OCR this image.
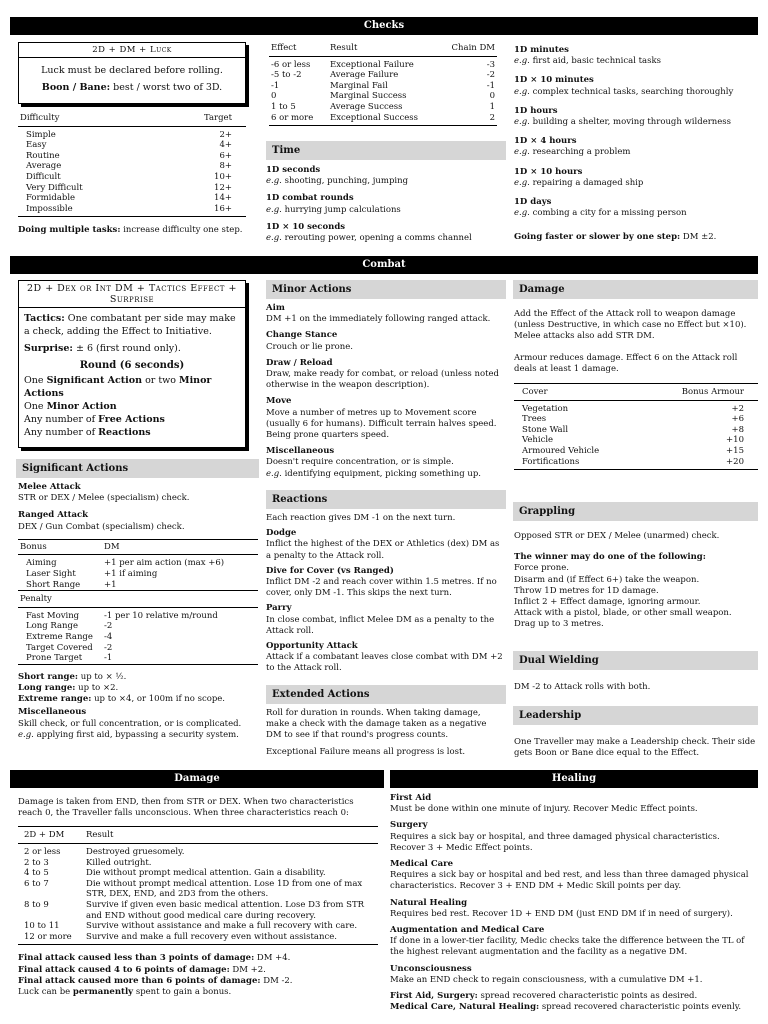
Checks
2D + DM + Luck
Luck must be declared before rolling.
Boon / Bane: best / worst two of 3D.
Difficulty	Target
Simple	2+
Easy	4+
Routine	6+
Average	8+
Difficult	10+
Very Difficult	12+
Formidable	14+
Impossible	16+
Doing multiple tasks: increase difficulty one step.
Effect	Result	Chain DM
-6 or less	Exceptional Failure	-3
-5 to -2	Average Failure	-2
-1	Marginal Fail	-1
0	Marginal Success	0
1 to 5	Average Success	1
6 or more	Exceptional Success	2
Time
1D seconds
e.g. shooting, punching, jumping
1D combat rounds
e.g. hurrying jump calculations
1D × 10 seconds
e.g. rerouting power, opening a comms channel
1D minutes
e.g. first aid, basic technical tasks
1D × 10 minutes
e.g. complex technical tasks, searching thoroughly
1D hours
e.g. building a shelter, moving through wilderness
1D × 4 hours
e.g. researching a problem
1D × 10 hours
e.g. repairing a damaged ship
1D days
e.g. combing a city for a missing person
Going faster or slower by one step: DM ±2.
Combat
2D + Dex or Int DM + Tactics Effect + Surprise
Tactics: One combatant per side may make a check, adding the Effect to Initiative.
Surprise: ± 6 (first round only).
Round (6 seconds)
One Significant Action or two Minor Actions
One Minor Action
Any number of Free Actions
Any number of Reactions
Significant Actions
Melee Attack
STR or DEX / Melee (specialism) check.
Ranged Attack
DEX / Gun Combat (specialism) check.
Bonus	DM
Aiming	+1 per aim action (max +6)
Laser Sight	+1 if aiming
Short Range	+1
Penalty	
Fast Moving	-1 per 10 relative m/round
Long Range	-2
Extreme Range	-4
Target Covered	-2
Prone Target	-1

Short range: up to × ½.
Long range: up to ×2.
Extreme range: up to ×4, or 100m if no scope.
Miscellaneous
Skill check, or full concentration, or is complicated.
e.g. applying first aid, bypassing a security system.
Minor Actions
Aim
DM +1 on the immediately following ranged attack.
Change Stance
Crouch or lie prone.
Draw / Reload
Draw, make ready for combat, or reload (unless noted otherwise in the weapon description).
Move
Move a number of metres up to Movement score (usually 6 for humans). Difficult terrain halves speed. Being prone quarters speed.
Miscellaneous
Doesn't require concentration, or is simple.
e.g. identifying equipment, picking something up.
Reactions
Each reaction gives DM -1 on the next turn.
Dodge
Inflict the highest of the DEX or Athletics (dex) DM as a penalty to the Attack roll.
Dive for Cover (vs Ranged)
Inflict DM -2 and reach cover within 1.5 metres. If no cover, only DM -1. This skips the next turn.
Parry
In close combat, inflict Melee DM as a penalty to the Attack roll.
Opportunity Attack
Attack if a combatant leaves close combat with DM +2 to the Attack roll.
Extended Actions
Roll for duration in rounds. When taking damage, make a check with the damage taken as a negative DM to see if that round's progress counts.
Exceptional Failure means all progress is lost.
Damage
Add the Effect of the Attack roll to weapon damage (unless Destructive, in which case no Effect but ×10). Melee attacks also add STR DM.
Armour reduces damage. Effect 6 on the Attack roll deals at least 1 damage.
Cover	Bonus Armour
Vegetation	+2
Trees	+6
Stone Wall	+8
Vehicle	+10
Armoured Vehicle	+15
Fortifications	+20
Grappling
Opposed STR or DEX / Melee (unarmed) check.
The winner may do one of the following:
Force prone.
Disarm and (if Effect 6+) take the weapon.
Throw 1D metres for 1D damage.
Inflict 2 + Effect damage, ignoring armour.
Attack with a pistol, blade, or other small weapon.
Drag up to 3 metres.
Dual Wielding
DM -2 to Attack rolls with both.
Leadership
One Traveller may make a Leadership check. Their side gets Boon or Bane dice equal to the Effect.
Damage
Damage is taken from END, then from STR or DEX. When two characteristics reach 0, the Traveller falls unconscious. When three characteristics reach 0:
2D + DM	Result
2 or less	Destroyed gruesomely.
2 to 3	Killed outright.
4 to 5	Die without prompt medical attention. Gain a disability.
6 to 7	Die without prompt medical attention. Lose 1D from one of max STR, DEX, END, and 2D3 from the others.
8 to 9	Survive if given even basic medical attention. Lose D3 from STR and END without good medical care during recovery.
10 to 11	Survive without assistance and make a full recovery with care.
12 or more	Survive and make a full recovery even without assistance.
Final attack caused less than 3 points of damage: DM +4.
Final attack caused 4 to 6 points of damage: DM +2.
Final attack caused more than 6 points of damage: DM -2.
Luck can be permanently spent to gain a bonus.
Healing
First Aid
Must be done within one minute of injury. Recover Medic Effect points.
Surgery
Requires a sick bay or hospital, and three damaged physical characteristics. Recover 3 + Medic Effect points.
Medical Care
Requires a sick bay or hospital and bed rest, and less than three damaged physical characteristics. Recover 3 + END DM + Medic Skill points per day.
Natural Healing
Requires bed rest. Recover 1D + END DM (just END DM if in need of surgery).
Augmentation and Medical Care
If done in a lower-tier facility, Medic checks take the difference between the TL of the highest relevant augmentation and the facility as a negative DM.
Unconsciousness
Make an END check to regain consciousness, with a cumulative DM +1.
First Aid, Surgery: spread recovered characteristic points as desired.
Medical Care, Natural Healing: spread recovered characteristic points evenly.
